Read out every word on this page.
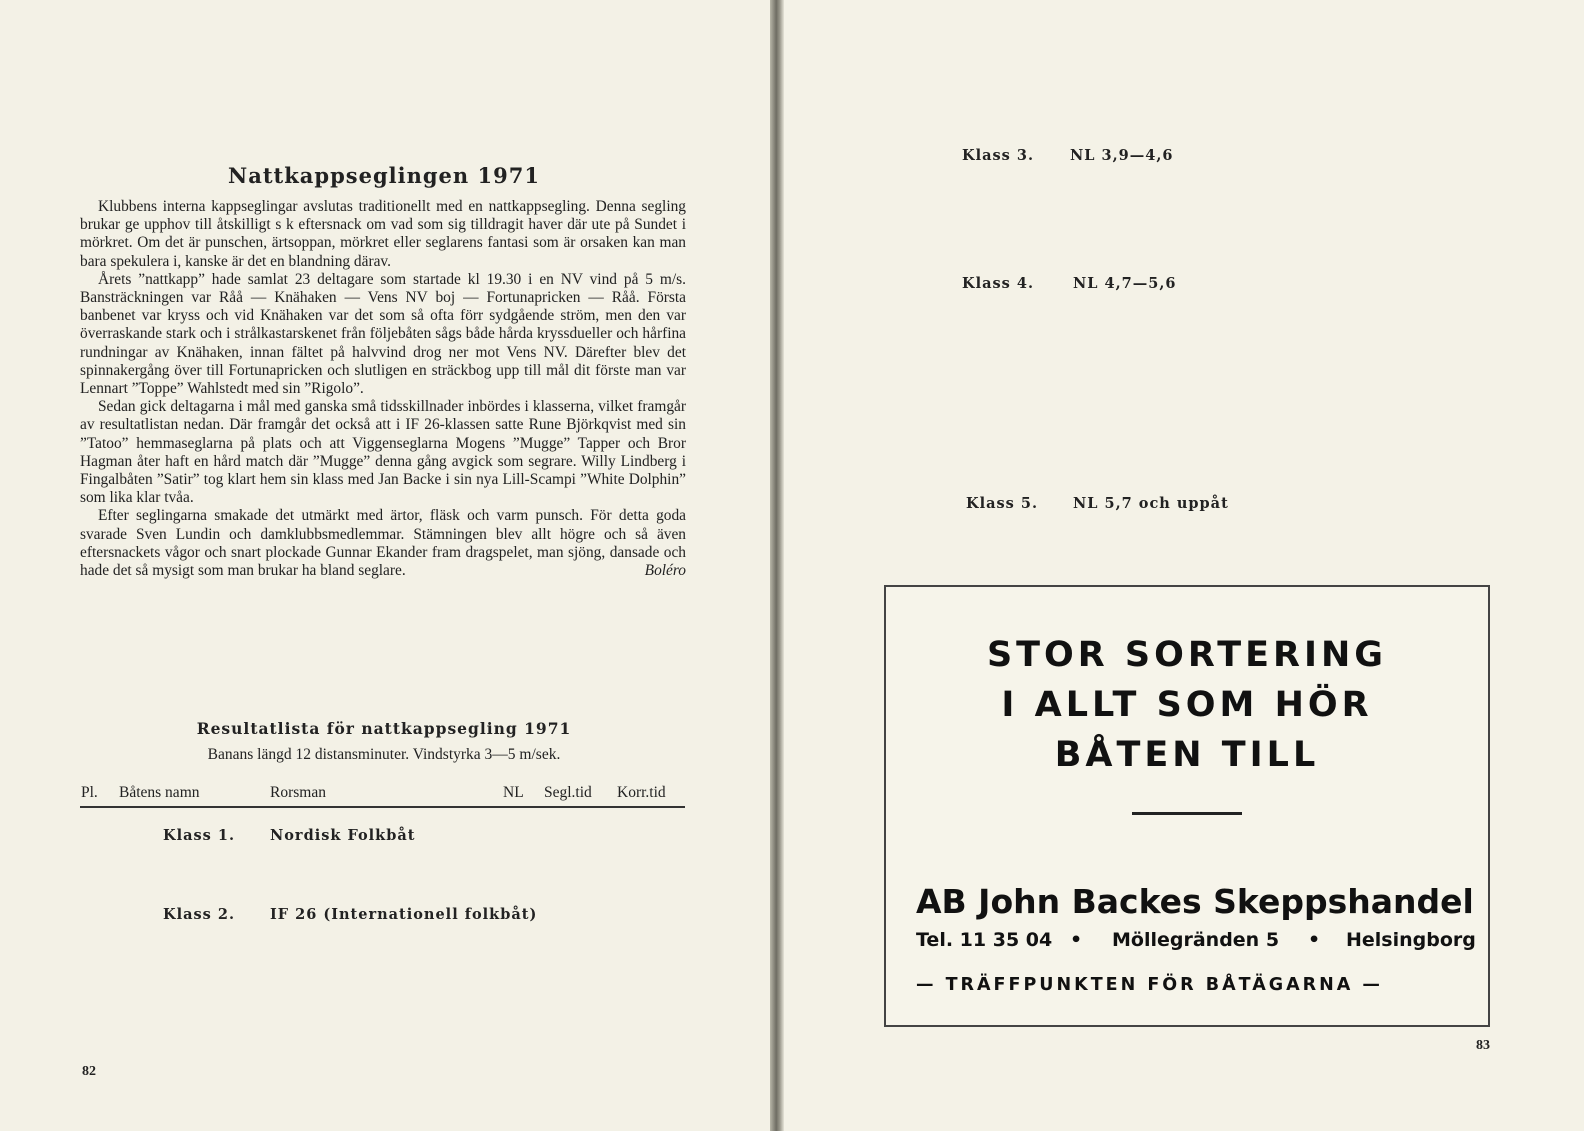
Nattkappseglingen 1971

Klubbens interna kappseglingar avslutas traditionellt med en nattkappsegling. Denna segling brukar ge upphov till åtskilligt s k eftersnack om vad som sig tilldragit haver där ute på Sundet i mörkret. Om det är punschen, ärtsoppan, mörkret eller seglarens fantasi som är orsaken kan man bara spekulera i, kanske är det en blandning därav.

Årets ”nattkapp” hade samlat 23 deltagare som startade kl 19.30 i en NV vind på 5 m/s. Bansträckningen var Råå — Knähaken — Vens NV boj — Fortunapricken — Råå. Första banbenet var kryss och vid Knähaken var det som så ofta förr sydgående ström, men den var överraskande stark och i strålkastarskenet från följebåten sågs både hårda kryssdueller och hårfina rundningar av Knähaken, innan fältet på halvvind drog ner mot Vens NV. Därefter blev det spinnakergång över till Fortunapricken och slutligen en sträckbog upp till mål dit förste man var Lennart ”Toppe” Wahlstedt med sin ”Rigolo”.

Sedan gick deltagarna i mål med ganska små tidsskillnader inbördes i klasserna, vilket framgår av resultatlistan nedan. Där framgår det också att i IF 26-klassen satte Rune Björkqvist med sin ”Tatoo” hemmaseglarna på plats och att Viggenseglarna Mogens ”Mugge” Tapper och Bror Hagman åter haft en hård match där ”Mugge” denna gång avgick som segrare. Willy Lindberg i Fingalbåten ”Satir” tog klart hem sin klass med Jan Backe i sin nya Lill-Scampi ”White Dolphin” som lika klar tvåa.

Efter seglingarna smakade det utmärkt med ärtor, fläsk och varm punsch. För detta goda svarade Sven Lundin och damklubbsmedlemmar. Stämningen blev allt högre och så även eftersnackets vågor och snart plockade Gunnar Ekander fram dragspelet, man sjöng, dansade och hade det så mysigt som man brukar ha bland seglare.	Boléro

Resultatlista för nattkappsegling 1971
Banans längd 12 distansminuter. Vindstyrka 3—5 m/sek.
Pl. Båtens namn	Rorsman	NL Segl.tid Korr.tid
Klass 1. Nordisk Folkbåt
Klass 2. IF 26 (Internationell folkbåt)
Klass 3. NL 3,9—4,6
Klass 4.	NL 4,7—5,6
Klass 5. NL 5,7 och uppåt
82
STOR SORTERING
I ALLT SOM HÖR
BÅTEN TILL
AB John Backes Skeppshandel
Tel. 11 35 04 • Möllegränden 5 • Helsingborg
— TRÄFFPUNKTEN FÖR BÅTÄGARNA —
83
